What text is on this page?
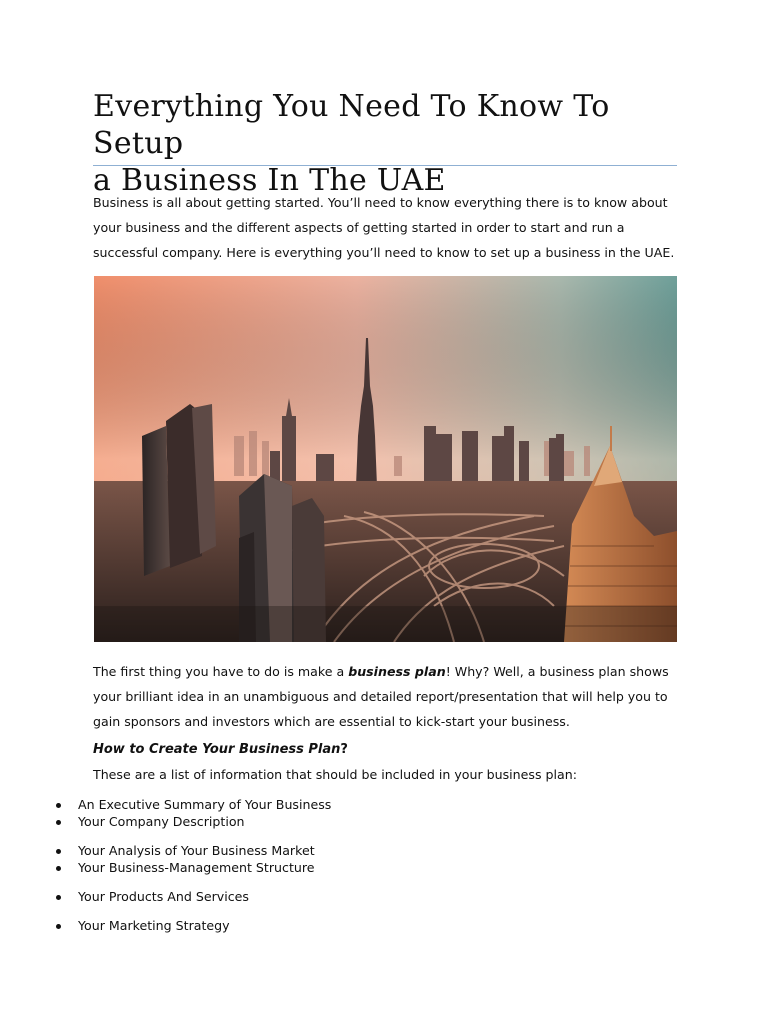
Everything You Need To Know To Setup
a Business In The UAE

Business is all about getting started. You’ll need to know everything there is to know about your business and the different aspects of getting started in order to start and run a successful company. Here is everything you’ll need to know to set up a business in the UAE.

The first thing you have to do is make a business plan! Why? Well, a business plan shows your brilliant idea in an unambiguous and detailed report/presentation that will help you to gain sponsors and investors which are essential to kick-start your business.

How to Create Your Business Plan?

These are a list of information that should be included in your business plan:

An Executive Summary of Your Business
Your Company Description
Your Analysis of Your Business Market
Your Business-Management Structure
Your Products And Services
Your Marketing Strategy
